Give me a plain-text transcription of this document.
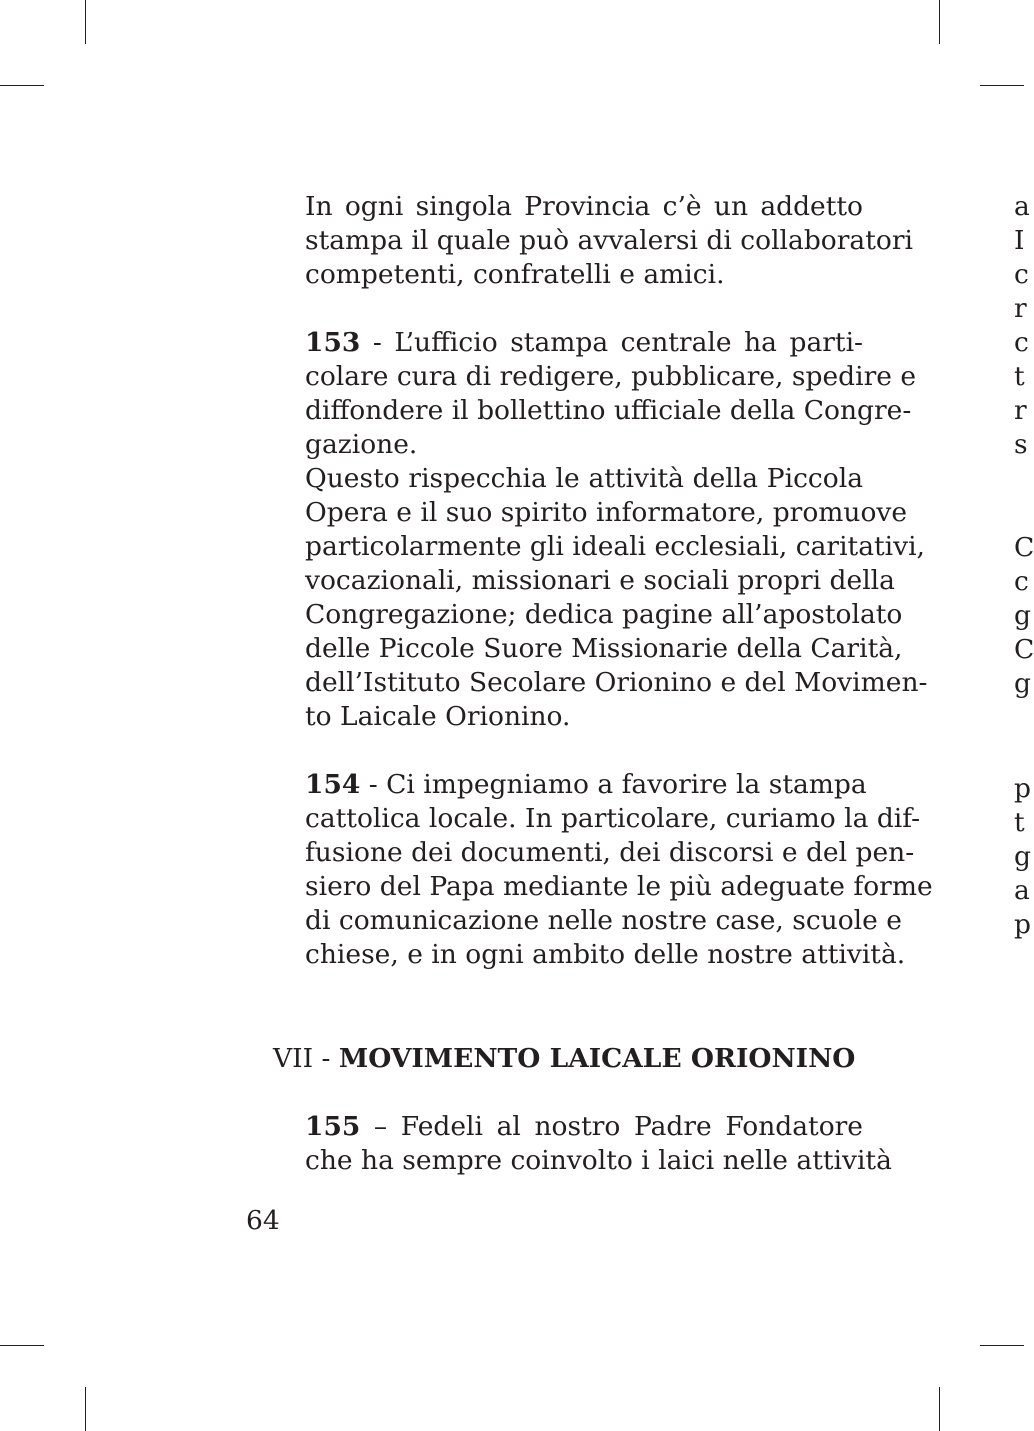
In ogni singola Provincia c’è un addetto
stampa il quale può avvalersi di collaboratori
competenti, confratelli e amici.

153 - L’ufficio stampa centrale ha parti-
colare cura di redigere, pubblicare, spedire e
diffondere il bollettino ufficiale della Congre-
gazione.

Questo rispecchia le attività della Piccola
Opera e il suo spirito informatore, promuove
particolarmente gli ideali ecclesiali, caritativi,
vocazionali, missionari e sociali propri della
Congregazione; dedica pagine all’apostolato
delle Piccole Suore Missionarie della Carità,
dell’Istituto Secolare Orionino e del Movimen-
to Laicale Orionino.

154 - Ci impegniamo a favorire la stampa
cattolica locale. In particolare, curiamo la dif-
fusione dei documenti, dei discorsi e del pen-
siero del Papa mediante le più adeguate forme
di comunicazione nelle nostre case, scuole e
chiese, e in ogni ambito delle nostre attività.

VII - MOVIMENTO LAICALE ORIONINO

155 – Fedeli al nostro Padre Fondatore
che ha sempre coinvolto i laici nelle attività

64
a
I
c
r
c
t
r
s
C
c
g
C
g
p
t
g
a
p
